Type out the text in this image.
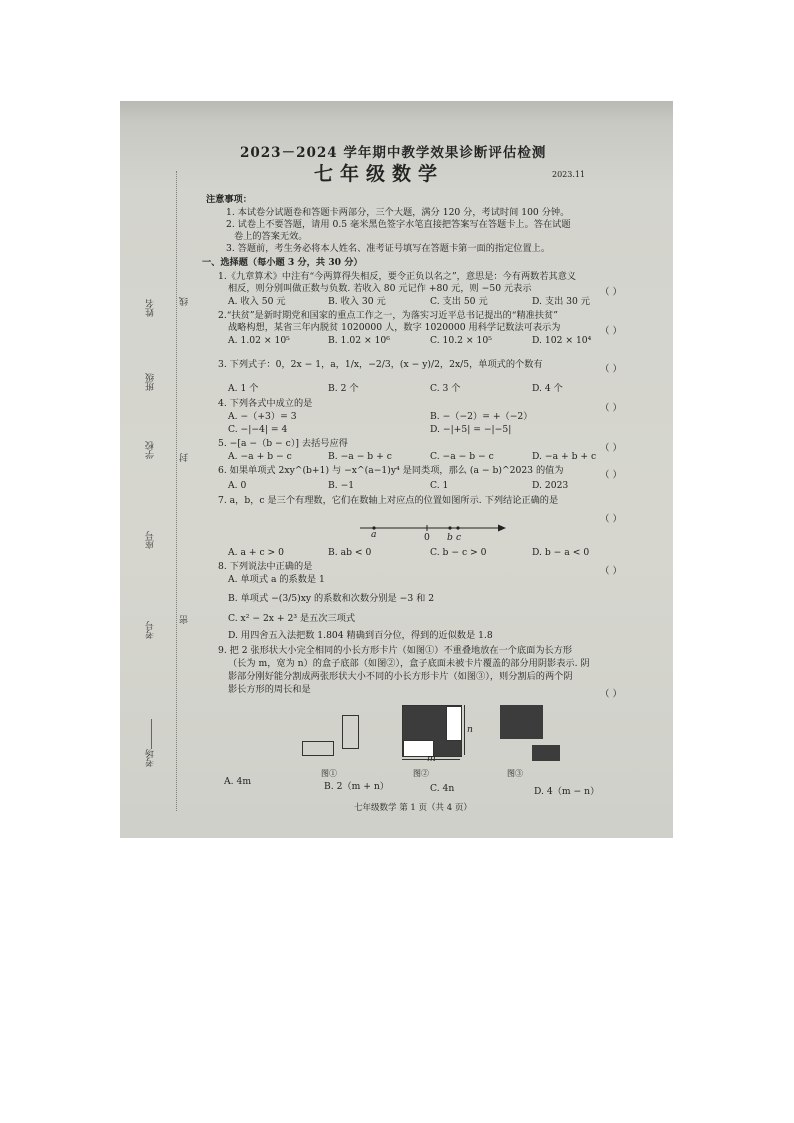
考场
考号
座号
学校
班级
姓名	线
封
密
2023－2024 学年期中教学效果诊断评估检测
七年级数学	2023.11
注意事项：
1. 本试卷分试题卷和答题卡两部分，三个大题，满分 120 分，考试时间 100 分钟。
2. 试卷上不要答题，请用 0.5 毫米黑色签字水笔直接把答案写在答题卡上。答在试题
卷上的答案无效。
3. 答题前，考生务必将本人姓名、准考证号填写在答题卡第一面的指定位置上。
一、选择题（每小题 3 分，共 30 分）
1.《九章算术》中注有“今两算得失相反，要令正负以名之”，意思是：今有两数若其意义
相反，则分别叫做正数与负数. 若收入 80 元记作 +80 元，则 −50 元表示	（ ）
A. 收入 50 元	B. 收入 30 元	C. 支出 50 元	D. 支出 30 元
2.“扶贫”是新时期党和国家的重点工作之一，为落实习近平总书记提出的“精准扶贫”
战略构想，某省三年内脱贫 1020000 人，数字 1020000 用科学记数法可表示为	（ ）
A. 1.02 × 10⁵	B. 1.02 × 10⁶	C. 10.2 × 10⁵	D. 102 × 10⁴
3. 下列式子：0，2x − 1，a，1/x，−2/3，(x − y)/2，2x/5，单项式的个数有	（ ）
A. 1 个	B. 2 个	C. 3 个	D. 4 个
4. 下列各式中成立的是	（ ）
A. −（+3）= 3	B. −（−2）= +（−2）
C. −|−4| = 4	D. −|+5| = −|−5|
5. −[a −（b − c）] 去括号应得	（ ）
A. −a + b − c	B. −a − b + c	C. −a − b − c	D. −a + b + c
6. 如果单项式 2xy^(b+1) 与 −x^(a−1)y⁴ 是同类项，那么 (a − b)^2023 的值为	（ ）
A. 0	B. −1	C. 1	D. 2023
7. a，b，c 是三个有理数，它们在数轴上对应点的位置如图所示. 下列结论正确的是
（ ）
a	0 b c
A. a + c > 0	B. ab < 0	C. b − c > 0	D. b − a < 0
8. 下列说法中正确的是	（ ）
A. 单项式 a 的系数是 1
B. 单项式 −(3/5)xy 的系数和次数分别是 −3 和 2
C. x² − 2x + 2³ 是五次三项式
D. 用四舍五入法把数 1.804 精确到百分位，得到的近似数是 1.8
9. 把 2 张形状大小完全相同的小长方形卡片（如图①）不重叠地放在一个底面为长方形
（长为 m，宽为 n）的盒子底部（如图②），盒子底面未被卡片覆盖的部分用阴影表示. 阴
影部分刚好能分割成两张形状大小不同的小长方形卡片（如图③），则分割后的两个阴
影长方形的周长和是	（ ）
图①
n
m
图②	图③
A. 4m	B. 2（m + n）	C. 4n	D. 4（m − n）
七年级数学 第 1 页（共 4 页）
